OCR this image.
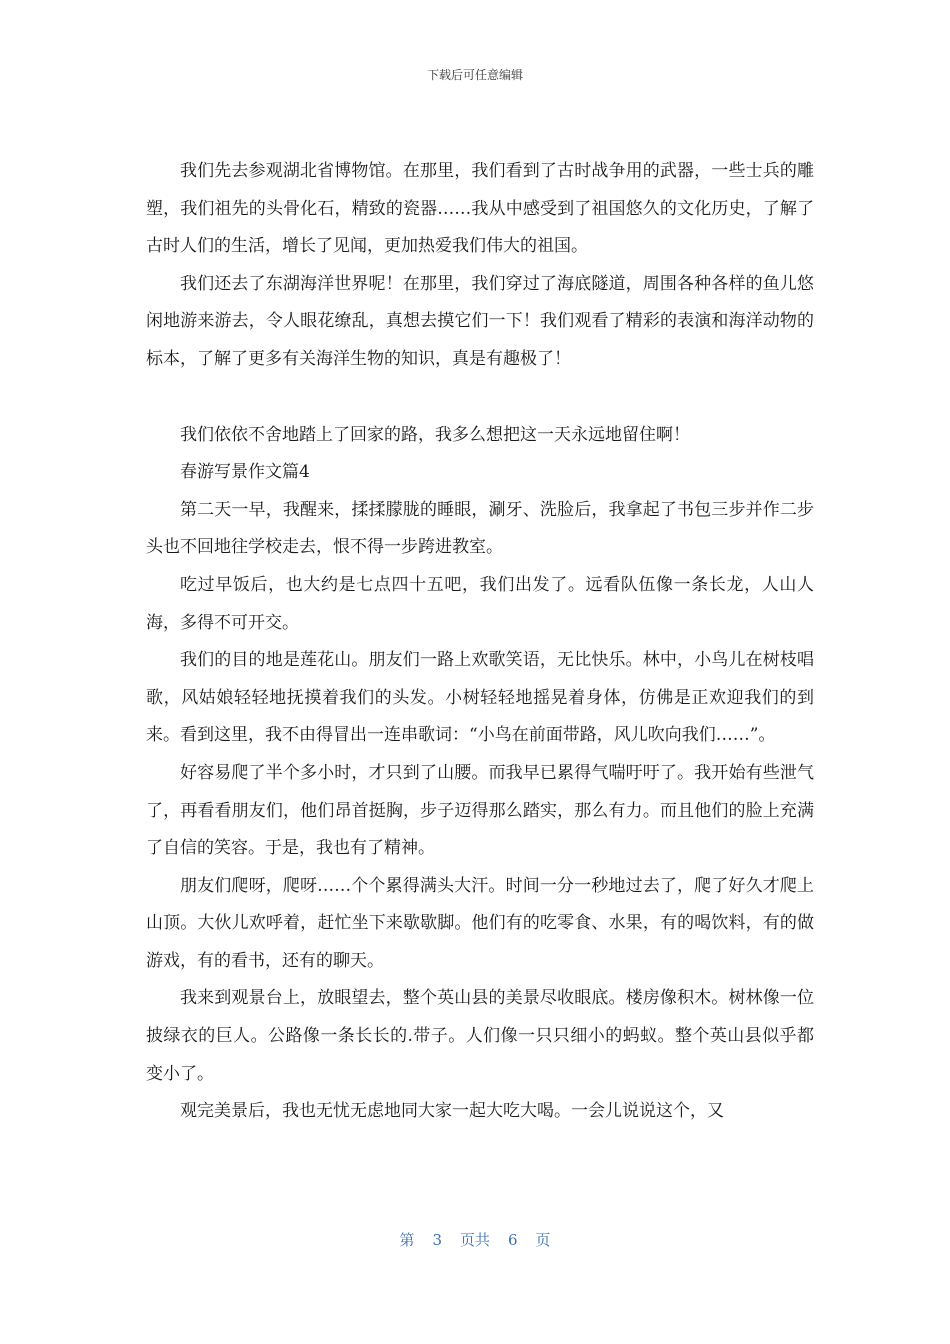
下载后可任意编辑

我们先去参观湖北省博物馆。在那里，我们看到了古时战争用的武器，一些士兵的雕塑，我们祖先的头骨化石，精致的瓷器……我从中感受到了祖国悠久的文化历史，了解了古时人们的生活，增长了见闻，更加热爱我们伟大的祖国。

我们还去了东湖海洋世界呢！在那里，我们穿过了海底隧道，周围各种各样的鱼儿悠闲地游来游去，令人眼花缭乱，真想去摸它们一下！我们观看了精彩的表演和海洋动物的标本，了解了更多有关海洋生物的知识，真是有趣极了！

我们依依不舍地踏上了回家的路，我多么想把这一天永远地留住啊！

春游写景作文篇4

第二天一早，我醒来，揉揉朦胧的睡眼，涮牙、洗脸后，我拿起了书包三步并作二步头也不回地往学校走去，恨不得一步跨进教室。

吃过早饭后，也大约是七点四十五吧，我们出发了。远看队伍像一条长龙，人山人海，多得不可开交。

我们的目的地是莲花山。朋友们一路上欢歌笑语，无比快乐。林中，小鸟儿在树枝唱歌，风姑娘轻轻地抚摸着我们的头发。小树轻轻地摇晃着身体，仿佛是正欢迎我们的到来。看到这里，我不由得冒出一连串歌词：“小鸟在前面带路，风儿吹向我们……”。

好容易爬了半个多小时，才只到了山腰。而我早已累得气喘吁吁了。我开始有些泄气了，再看看朋友们，他们昂首挺胸，步子迈得那么踏实，那么有力。而且他们的脸上充满了自信的笑容。于是，我也有了精神。

朋友们爬呀，爬呀……个个累得满头大汗。时间一分一秒地过去了，爬了好久才爬上山顶。大伙儿欢呼着，赶忙坐下来歇歇脚。他们有的吃零食、水果，有的喝饮料，有的做游戏，有的看书，还有的聊天。

我来到观景台上，放眼望去，整个英山县的美景尽收眼底。楼房像积木。树林像一位披绿衣的巨人。公路像一条长长的.带子。人们像一只只细小的蚂蚁。整个英山县似乎都变小了。

观完美景后，我也无忧无虑地同大家一起大吃大喝。一会儿说说这个，又

第 3 页共 6 页
